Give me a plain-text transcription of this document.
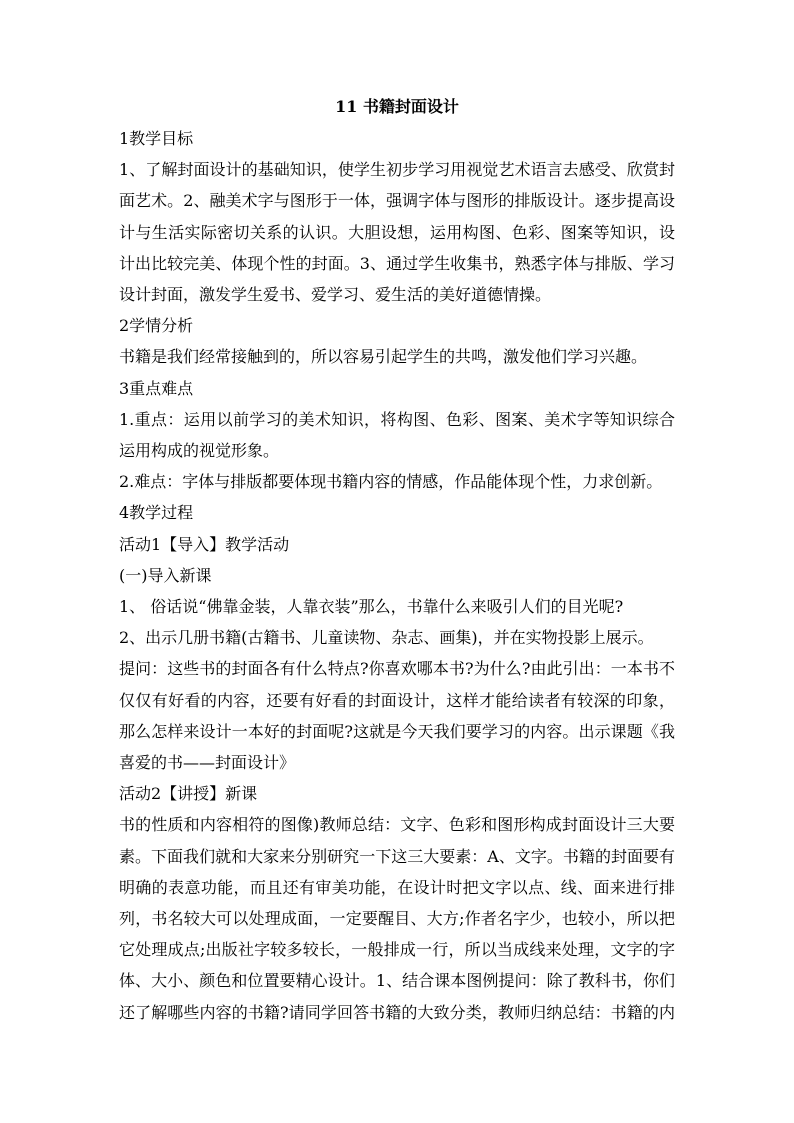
11 书籍封面设计
1教学目标
1、了解封面设计的基础知识，使学生初步学习用视觉艺术语言去感受、欣赏封
面艺术。2、融美术字与图形于一体，强调字体与图形的排版设计。逐步提高设
计与生活实际密切关系的认识。大胆设想，运用构图、色彩、图案等知识，设
计出比较完美、体现个性的封面。3、通过学生收集书，熟悉字体与排版、学习
设计封面，激发学生爱书、爱学习、爱生活的美好道德情操。
2学情分析
书籍是我们经常接触到的，所以容易引起学生的共鸣，激发他们学习兴趣。
3重点难点
1.重点：运用以前学习的美术知识，将构图、色彩、图案、美术字等知识综合
运用构成的视觉形象。
2.难点：字体与排版都要体现书籍内容的情感，作品能体现个性，力求创新。
4教学过程
活动1【导入】教学活动
(一)导入新课
1、 俗话说“佛靠金装，人靠衣装”那么，书靠什么来吸引人们的目光呢?
2、出示几册书籍(古籍书、儿童读物、杂志、画集)，并在实物投影上展示。
提问：这些书的封面各有什么特点?你喜欢哪本书?为什么?由此引出：一本书不
仅仅有好看的内容，还要有好看的封面设计，这样才能给读者有较深的印象，
那么怎样来设计一本好的封面呢?这就是今天我们要学习的内容。出示课题《我
喜爱的书——封面设计》
活动2【讲授】新课
书的性质和内容相符的图像)教师总结：文字、色彩和图形构成封面设计三大要
素。下面我们就和大家来分别研究一下这三大要素：A、文字。书籍的封面要有
明确的表意功能，而且还有审美功能，在设计时把文字以点、线、面来进行排
列，书名较大可以处理成面，一定要醒目、大方;作者名字少，也较小，所以把
它处理成点;出版社字较多较长，一般排成一行，所以当成线来处理，文字的字
体、大小、颜色和位置要精心设计。1、结合课本图例提问：除了教科书，你们
还了解哪些内容的书籍?请同学回答书籍的大致分类，教师归纳总结：书籍的内
